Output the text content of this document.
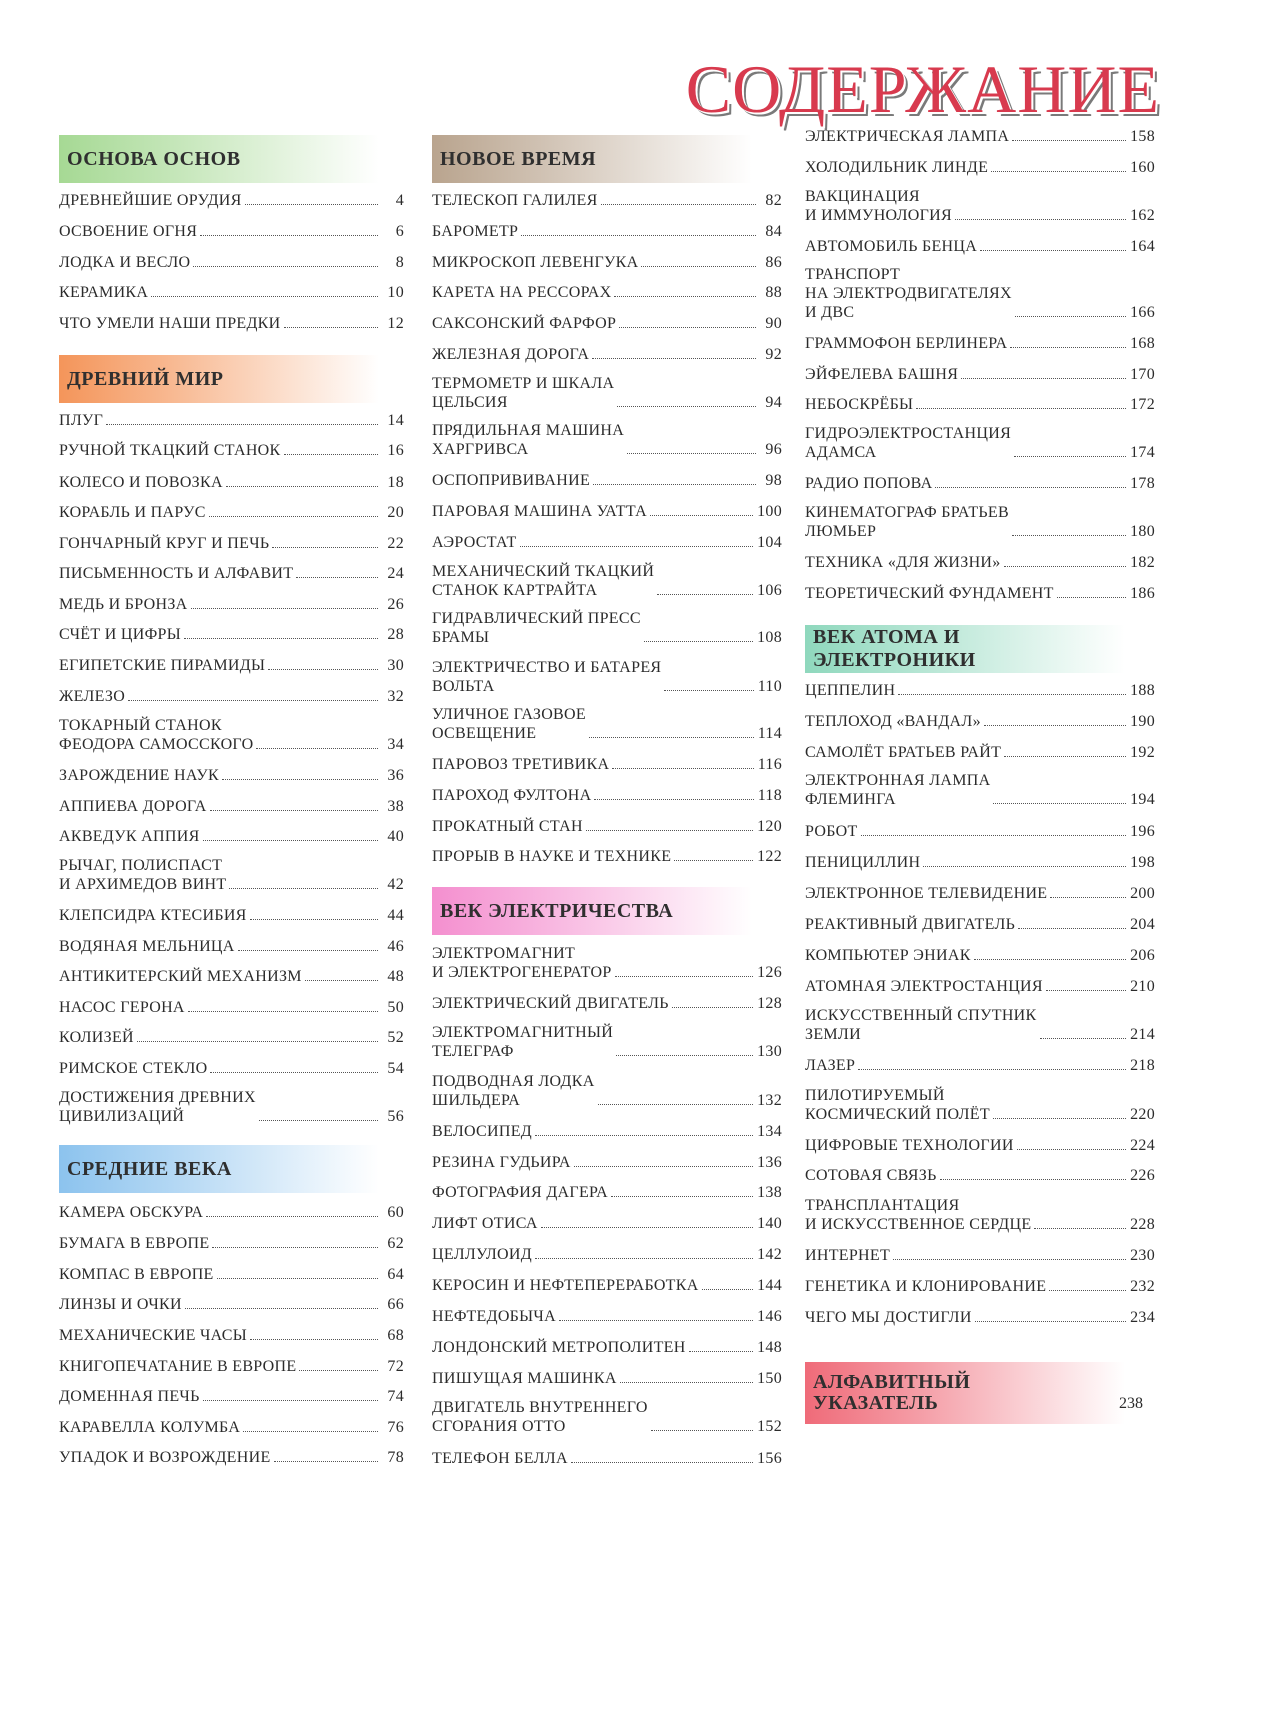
СОДЕРЖАНИЕ
ОСНОВА ОСНОВ
ДРЕВНЕЙШИЕ ОРУДИЯ	4
ОСВОЕНИЕ ОГНЯ	6
ЛОДКА И ВЕСЛО	8
КЕРАМИКА	10
ЧТО УМЕЛИ НАШИ ПРЕДКИ	12
ДРЕВНИЙ МИР
ПЛУГ	14
РУЧНОЙ ТКАЦКИЙ СТАНОК	16
КОЛЕСО И ПОВОЗКА	18
КОРАБЛЬ И ПАРУС	20
ГОНЧАРНЫЙ КРУГ И ПЕЧЬ	22
ПИСЬМЕННОСТЬ И АЛФАВИТ	24
МЕДЬ И БРОНЗА	26
СЧЁТ И ЦИФРЫ	28
ЕГИПЕТСКИЕ ПИРАМИДЫ	30
ЖЕЛЕЗО	32
ТОКАРНЫЙ СТАНОК
ФЕОДОРА САМОССКОГО	34
ЗАРОЖДЕНИЕ НАУК	36
АППИЕВА ДОРОГА	38
АКВЕДУК АППИЯ	40
РЫЧАГ, ПОЛИСПАСТ
И АРХИМЕДОВ ВИНТ	42
КЛЕПСИДРА КТЕСИБИЯ	44
ВОДЯНАЯ МЕЛЬНИЦА	46
АНТИКИТЕРСКИЙ МЕХАНИЗМ	48
НАСОС ГЕРОНА	50
КОЛИЗЕЙ	52
РИМСКОЕ СТЕКЛО	54
ДОСТИЖЕНИЯ ДРЕВНИХ
ЦИВИЛИЗАЦИЙ	56
СРЕДНИЕ ВЕКА
КАМЕРА ОБСКУРА	60
БУМАГА В ЕВРОПЕ	62
КОМПАС В ЕВРОПЕ	64
ЛИНЗЫ И ОЧКИ	66
МЕХАНИЧЕСКИЕ ЧАСЫ	68
КНИГОПЕЧАТАНИЕ В ЕВРОПЕ	72
ДОМЕННАЯ ПЕЧЬ	74
КАРАВЕЛЛА КОЛУМБА	76
УПАДОК И ВОЗРОЖДЕНИЕ	78
НОВОЕ ВРЕМЯ
ТЕЛЕСКОП ГАЛИЛЕЯ	82
БАРОМЕТР	84
МИКРОСКОП ЛЕВЕНГУКА	86
КАРЕТА НА РЕССОРАХ	88
САКСОНСКИЙ ФАРФОР	90
ЖЕЛЕЗНАЯ ДОРОГА	92
ТЕРМОМЕТР И ШКАЛА
ЦЕЛЬСИЯ	94
ПРЯДИЛЬНАЯ МАШИНА
ХАРГРИВСА	96
ОСПОПРИВИВАНИЕ	98
ПАРОВАЯ МАШИНА УАТТА	100
АЭРОСТАТ	104
МЕХАНИЧЕСКИЙ ТКАЦКИЙ
СТАНОК КАРТРАЙТА	106
ГИДРАВЛИЧЕСКИЙ ПРЕСС
БРАМЫ	108
ЭЛЕКТРИЧЕСТВО И БАТАРЕЯ
ВОЛЬТА	110
УЛИЧНОЕ ГАЗОВОЕ
ОСВЕЩЕНИЕ	114
ПАРОВОЗ ТРЕТИВИКА	116
ПАРОХОД ФУЛТОНА	118
ПРОКАТНЫЙ СТАН	120
ПРОРЫВ В НАУКЕ И ТЕХНИКЕ	122
ВЕК ЭЛЕКТРИЧЕСТВА
ЭЛЕКТРОМАГНИТ
И ЭЛЕКТРОГЕНЕРАТОР	126
ЭЛЕКТРИЧЕСКИЙ ДВИГАТЕЛЬ	128
ЭЛЕКТРОМАГНИТНЫЙ
ТЕЛЕГРАФ	130
ПОДВОДНАЯ ЛОДКА
ШИЛЬДЕРА	132
ВЕЛОСИПЕД	134
РЕЗИНА ГУДЬИРА	136
ФОТОГРАФИЯ ДАГЕРА	138
ЛИФТ ОТИСА	140
ЦЕЛЛУЛОИД	142
КЕРОСИН И НЕФТЕПЕРЕРАБОТКА	144
НЕФТЕДОБЫЧА	146
ЛОНДОНСКИЙ МЕТРОПОЛИТЕН	148
ПИШУЩАЯ МАШИНКА	150
ДВИГАТЕЛЬ ВНУТРЕННЕГО
СГОРАНИЯ ОТТО	152
ТЕЛЕФОН БЕЛЛА	156
ЭЛЕКТРИЧЕСКАЯ ЛАМПА	158
ХОЛОДИЛЬНИК ЛИНДЕ	160
ВАКЦИНАЦИЯ
И ИММУНОЛОГИЯ	162
АВТОМОБИЛЬ БЕНЦА	164
ТРАНСПОРТ
НА ЭЛЕКТРОДВИГАТЕЛЯХ
И ДВС	166
ГРАММОФОН БЕРЛИНЕРА	168
ЭЙФЕЛЕВА БАШНЯ	170
НЕБОСКРЁБЫ	172
ГИДРОЭЛЕКТРОСТАНЦИЯ
АДАМСА	174
РАДИО ПОПОВА	178
КИНЕМАТОГРАФ БРАТЬЕВ
ЛЮМЬЕР	180
ТЕХНИКА «ДЛЯ ЖИЗНИ»	182
ТЕОРЕТИЧЕСКИЙ ФУНДАМЕНТ	186
ВЕК АТОМА И ЭЛЕКТРОНИКИ
ЦЕППЕЛИН	188
ТЕПЛОХОД «ВАНДАЛ»	190
САМОЛЁТ БРАТЬЕВ РАЙТ	192
ЭЛЕКТРОННАЯ ЛАМПА
ФЛЕМИНГА	194
РОБОТ	196
ПЕНИЦИЛЛИН	198
ЭЛЕКТРОННОЕ ТЕЛЕВИДЕНИЕ	200
РЕАКТИВНЫЙ ДВИГАТЕЛЬ	204
КОМПЬЮТЕР ЭНИАК	206
АТОМНАЯ ЭЛЕКТРОСТАНЦИЯ	210
ИСКУССТВЕННЫЙ СПУТНИК
ЗЕМЛИ	214
ЛАЗЕР	218
ПИЛОТИРУЕМЫЙ
КОСМИЧЕСКИЙ ПОЛЁТ	220
ЦИФРОВЫЕ ТЕХНОЛОГИИ	224
СОТОВАЯ СВЯЗЬ	226
ТРАНСПЛАНТАЦИЯ
И ИСКУССТВЕННОЕ СЕРДЦЕ	228
ИНТЕРНЕТ	230
ГЕНЕТИКА И КЛОНИРОВАНИЕ	232
ЧЕГО МЫ ДОСТИГЛИ	234
АЛФАВИТНЫЙ
УКАЗАТЕЛЬ	238
